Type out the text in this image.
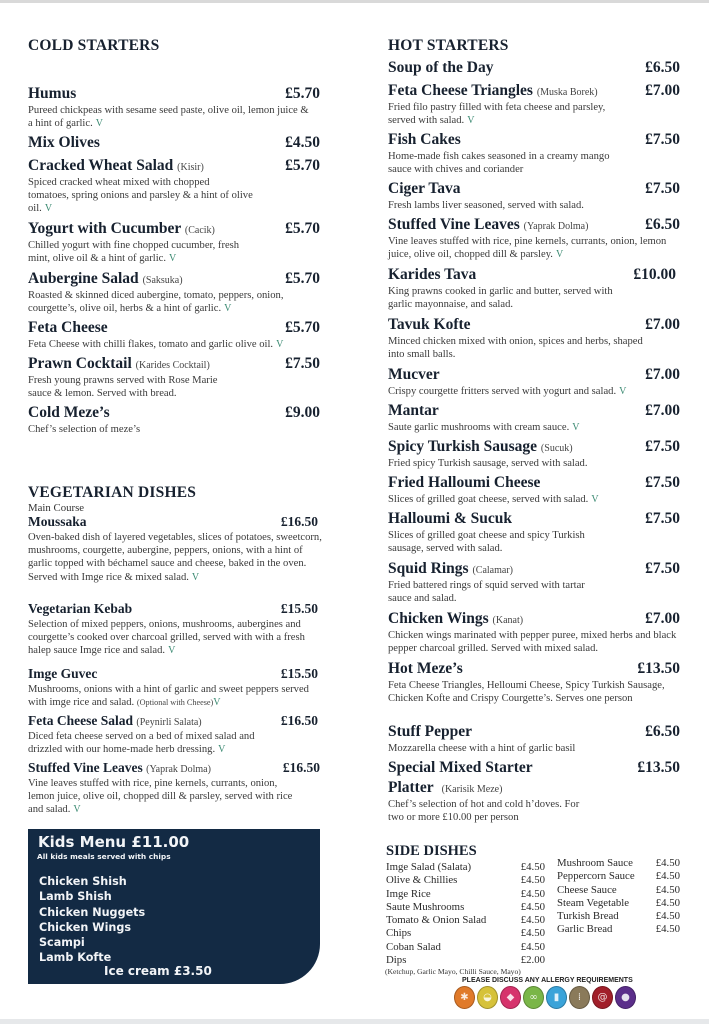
COLD STARTERS
Humus	£5.70
Pureed chickpeas with sesame seed paste, olive oil, lemon juice & a hint of garlic. V
Mix Olives	£4.50
Cracked Wheat Salad (Kisir)	£5.70
Spiced cracked wheat mixed with chopped tomatoes, spring onions and parsley & a hint of olive oil. V
Yogurt with Cucumber (Cacik)	£5.70
Chilled yogurt with fine chopped cucumber, fresh mint, olive oil & a hint of garlic. V
Aubergine Salad (Saksuka)	£5.70
Roasted & skinned diced aubergine, tomato, peppers, onion, courgette’s, olive oil, herbs & a hint of garlic. V
Feta Cheese	£5.70
Feta Cheese with chilli flakes, tomato and garlic olive oil. V
Prawn Cocktail (Karides Cocktail)	£7.50
Fresh young prawns served with Rose Marie sauce & lemon. Served with bread.
Cold Meze’s	£9.00
Chef’s selection of meze’s
VEGETARIAN DISHES
Main Course
Moussaka	£16.50
Oven-baked dish of layered vegetables, slices of potatoes, sweetcorn, mushrooms, courgette, aubergine, peppers, onions, with a hint of garlic topped with béchamel sauce and cheese, baked in the oven. Served with Imge rice & mixed salad. V
Vegetarian Kebab	£15.50
Selection of mixed peppers, onions, mushrooms, aubergines and courgette’s cooked over charcoal grilled, served with with a fresh halep sauce Imge rice and salad. V
Imge Guvec	£15.50
Mushrooms, onions with a hint of garlic and sweet peppers served with imge rice and salad. (Optional with Cheese)V
Feta Cheese Salad (Peynirli Salata)	£16.50
Diced feta cheese served on a bed of mixed salad and drizzled with our home-made herb dressing. V
Stuffed Vine Leaves (Yaprak Dolma)	£16.50
Vine leaves stuffed with rice, pine kernels, currants, onion, lemon juice, olive oil, chopped dill & parsley, served with rice and salad. V
Kids Menu £11.00
All kids meals served with chips
Chicken Shish
Lamb Shish
Chicken Nuggets
Chicken Wings
Scampi
Lamb Kofte
Ice cream £3.50
HOT STARTERS
Soup of the Day	£6.50
Feta Cheese Triangles (Muska Borek)	£7.00
Fried filo pastry filled with feta cheese and parsley, served with salad. V
Fish Cakes	£7.50
Home-made fish cakes seasoned in a creamy mango sauce with chives and coriander
Ciger Tava	£7.50
Fresh lambs liver seasoned, served with salad.
Stuffed Vine Leaves (Yaprak Dolma)	£6.50
Vine leaves stuffed with rice, pine kernels, currants, onion, lemon juice, olive oil, chopped dill & parsley. V
Karides Tava	£10.00
King prawns cooked in garlic and butter, served with garlic mayonnaise, and salad.
Tavuk Kofte	£7.00
Minced chicken mixed with onion, spices and herbs, shaped into small balls.
Mucver	£7.00
Crispy courgette fritters served with yogurt and salad. V
Mantar	£7.00
Saute garlic mushrooms with cream sauce. V
Spicy Turkish Sausage (Sucuk)	£7.50
Fried spicy Turkish sausage, served with salad.
Fried Halloumi Cheese	£7.50
Slices of grilled goat cheese, served with salad. V
Halloumi & Sucuk	£7.50
Slices of grilled goat cheese and spicy Turkish sausage, served with salad.
Squid Rings (Calamar)	£7.50
Fried battered rings of squid served with tartar sauce and salad.
Chicken Wings (Kanat)	£7.00
Chicken wings marinated with pepper puree, mixed herbs and black pepper charcoal grilled. Served with mixed salad.
Hot Meze’s	£13.50
Feta Cheese Triangles, Helloumi Cheese, Spicy Turkish Sausage, Chicken Kofte and Crispy Courgette’s. Serves one person
Stuff Pepper	£6.50
Mozzarella cheese with a hint of garlic basil
Special Mixed Starter	£13.50
Platter (Karisik Meze)
Chef’s selection of hot and cold h’doves. For two or more £10.00 per person
SIDE DISHES
Imge Salad (Salata)	£4.50
Olive & Chillies	£4.50
Imge Rice	£4.50
Saute Mushrooms	£4.50
Tomato & Onion Salad	£4.50
Chips	£4.50
Coban Salad	£4.50
Dips	£2.00
Mushroom Sauce £4.50
Peppercorn Sauce £4.50
Cheese Sauce	£4.50
Steam Vegetable £4.50
Turkish Bread	£4.50
Garlic Bread	£4.50
(Ketchup, Garlic Mayo, Chilli Sauce, Mayo)
PLEASE DISCUSS ANY ALLERGY REQUIREMENTS
✱	◒	◆	∞	▮	⁞	@	●
